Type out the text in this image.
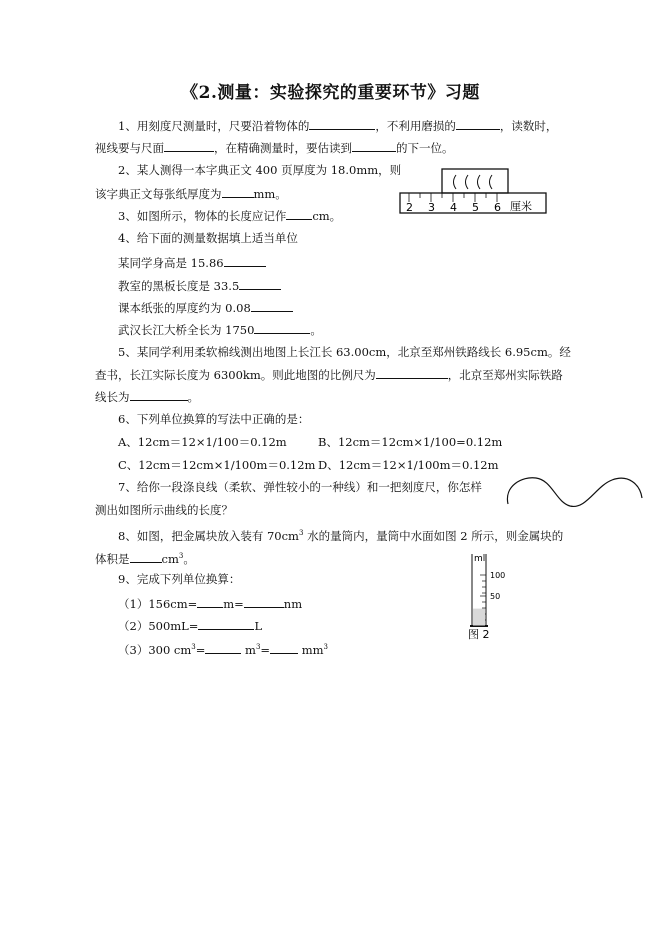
《2.测量：实验探究的重要环节》习题
1、用刻度尺测量时，尺要沿着物体的	，不利用磨损的	，读数时，
视线要与尺面	，在精确测量时，要估读到	的下一位。
2、某人测得一本字典正文 400 页厚度为 18.0mm，则
该字典正文每张纸厚度为	mm。
3、如图所示，物体的长度应记作 cm。
2 3 4 5 6 厘米
4、给下面的测量数据填上适当单位
某同学身高是 15.86
教室的黑板长度是 33.5
课本纸张的厚度约为 0.08
武汉长江大桥全长为 1750	。
5、某同学利用柔软棉线测出地图上长江长 63.00cm，北京至郑州铁路线长 6.95cm。经
查书，长江实际长度为 6300km。则此地图的比例尺为	，北京至郑州实际铁路
线长为	。
6、下列单位换算的写法中正确的是：
A、12cm＝12×1/100＝0.12m	B、12cm＝12cm×1/100=0.12m
C、12cm＝12cm×1/100m＝0.12m D、12cm＝12×1/100m＝0.12m
7、给你一段涤良线（柔软、弹性较小的一种线）和一把刻度尺，你怎样
测出如图所示曲线的长度？
8、如图，把金属块放入装有 $70cm^3$ 水的量筒内，量筒中水面如图 2 所示，则金属块的
体积是	$cm^3$。	ml
100
50
图 2
9、完成下列单位换算：
（1）156cm= m=	nm
（2）500mL=	L
（3）300 $cm^3=$	$m^3= mm^3$
